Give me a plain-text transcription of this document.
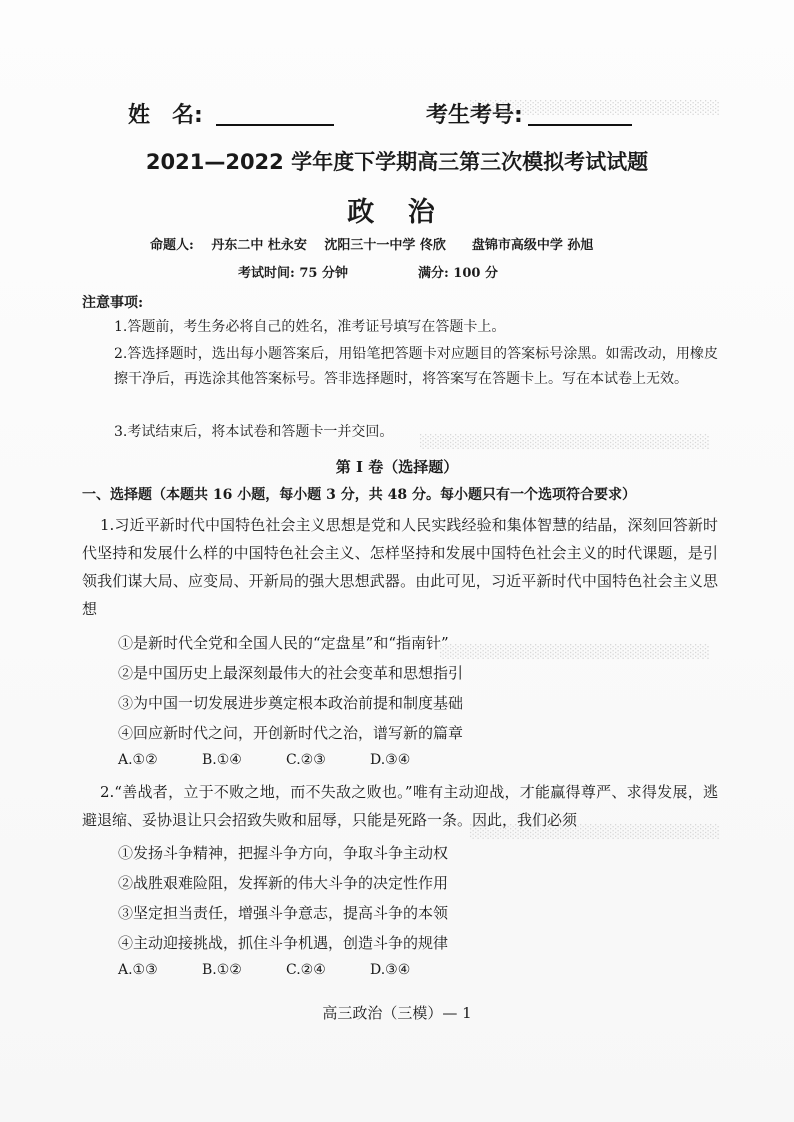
░░░░░░░░░░░░░░░░░░░░░░░░░
░░░░░░░░░░░░░░░░░░░░░░░░░░░░░
░░░░░░░░░░░░░░░░░░░░░░░░░░░
░░░░░░░░░░░░░░░░░░░░░░░░░
姓　名:	考生考号:
2021—2022 学年度下学期高三第三次模拟考试试题
政 治
命题人:　 丹东二中 杜永安　 沈阳三十一中学 佟欣　　盘锦市高级中学 孙旭
考试时间: 75 分钟	满分: 100 分
注意事项:
1.答题前，考生务必将自己的姓名，准考证号填写在答题卡上。
2.答选择题时，选出每小题答案后，用铅笔把答题卡对应题目的答案标号涂黑。如需改动，用橡皮擦干净后，再选涂其他答案标号。答非选择题时，将答案写在答题卡上。写在本试卷上无效。
3.考试结束后，将本试卷和答题卡一并交回。
第 I 卷（选择题）
一、选择题（本题共 16 小题，每小题 3 分，共 48 分。每小题只有一个选项符合要求）
1.习近平新时代中国特色社会主义思想是党和人民实践经验和集体智慧的结晶，深刻回答新时代坚持和发展什么样的中国特色社会主义、怎样坚持和发展中国特色社会主义的时代课题，是引领我们谋大局、应变局、开新局的强大思想武器。由此可见，习近平新时代中国特色社会主义思想
①是新时代全党和全国人民的“定盘星”和“指南针”
②是中国历史上最深刻最伟大的社会变革和思想指引
③为中国一切发展进步奠定根本政治前提和制度基础
④回应新时代之问，开创新时代之治，谱写新的篇章
A.①②	B.①④	C.②③	D.③④
2.“善战者，立于不败之地，而不失敌之败也。”唯有主动迎战，才能赢得尊严、求得发展，逃避退缩、妥协退让只会招致失败和屈辱，只能是死路一条。因此，我们必须
①发扬斗争精神，把握斗争方向，争取斗争主动权
②战胜艰难险阻，发挥新的伟大斗争的决定性作用
③坚定担当责任，增强斗争意志，提高斗争的本领
④主动迎接挑战，抓住斗争机遇，创造斗争的规律
A.①③	B.①②	C.②④	D.③④
高三政治（三模）— 1
